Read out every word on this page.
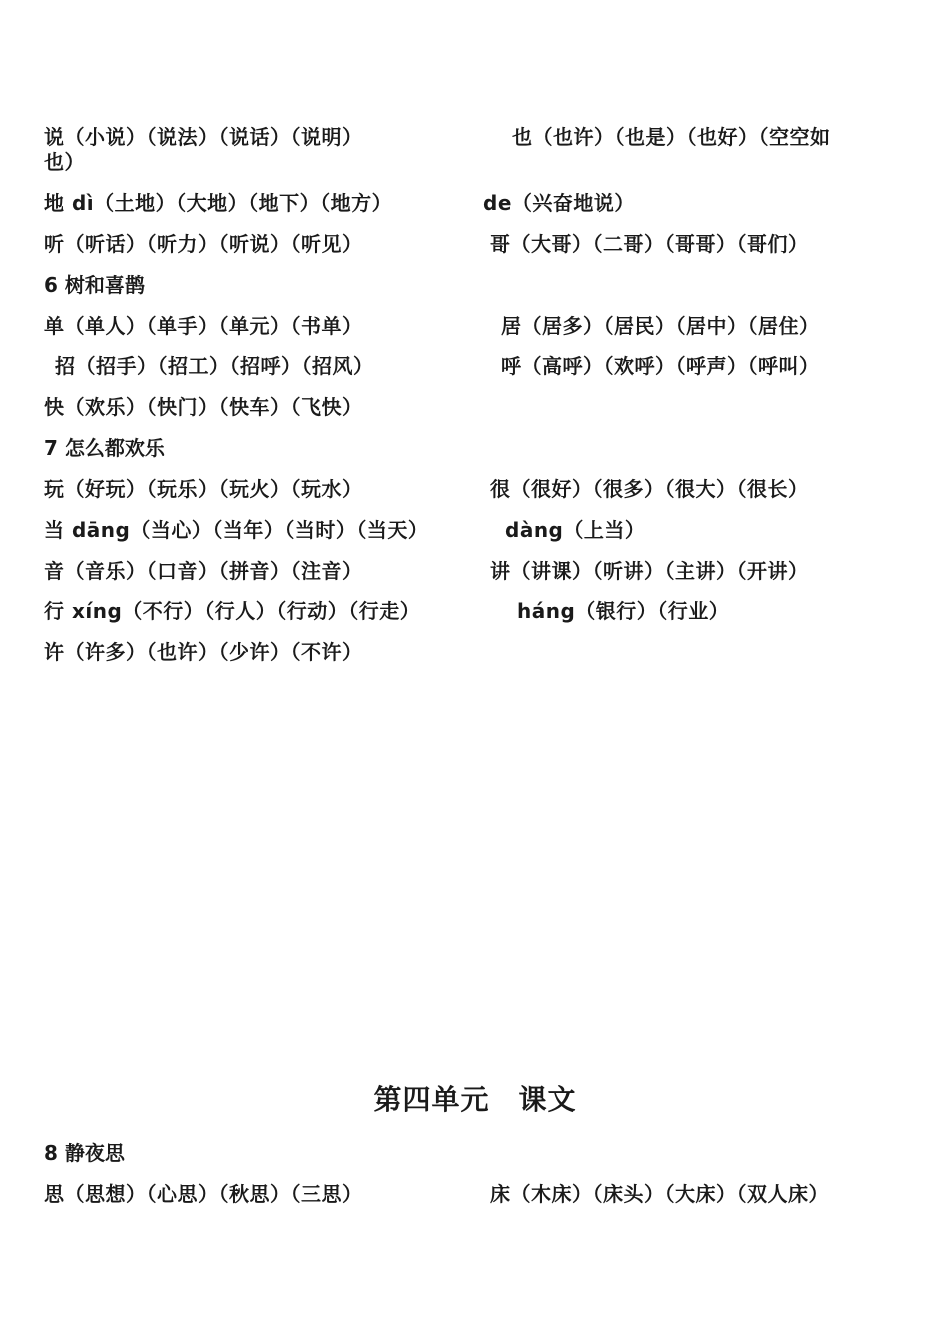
说（小说）（说法）（说话）（说明）	也（也许）（也是）（也好）（空空如
也）
地 dì（土地）（大地）（地下）（地方）	de（兴奋地说）
听（听话）（听力）（听说）（听见）	哥（大哥）（二哥）（哥哥）（哥们）
6 树和喜鹊
单（单人）（单手）（单元）（书单）	居（居多）（居民）（居中）（居住）
招（招手）（招工）（招呼）（招风）	呼（高呼）（欢呼）（呼声）（呼叫）
快（欢乐）（快门）（快车）（飞快）
7 怎么都欢乐
玩（好玩）（玩乐）（玩火）（玩水）	很（很好）（很多）（很大）（很长）
当 dāng（当心）（当年）（当时）（当天）	dàng（上当）
音（音乐）（口音）（拼音）（注音）	讲（讲课）（听讲）（主讲）（开讲）
行 xíng（不行）（行人）（行动）（行走）	háng（银行）（行业）
许（许多）（也许）（少许）（不许）
第四单元　课文
8 静夜思
思（思想）（心思）（秋思）（三思）	床（木床）（床头）（大床）（双人床）
